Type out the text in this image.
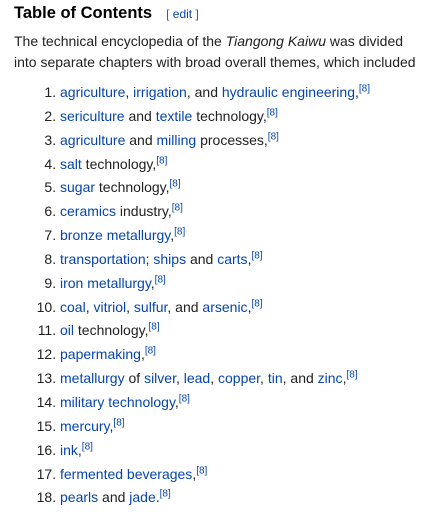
Table of Contents [ edit ]

The technical encyclopedia of the Tiangong Kaiwu was divided into separate chapters with broad overall themes, which included

1. agriculture, irrigation, and hydraulic engineering,[8]
2. sericulture and textile technology,[8]
3. agriculture and milling processes,[8]
4. salt technology,[8]
5. sugar technology,[8]
6. ceramics industry,[8]
7. bronze metallurgy,[8]
8. transportation; ships and carts,[8]
9. iron metallurgy,[8]
10. coal, vitriol, sulfur, and arsenic,[8]
11. oil technology,[8]
12. papermaking,[8]
13. metallurgy of silver, lead, copper, tin, and zinc,[8]
14. military technology,[8]
15. mercury,[8]
16. ink,[8]
17. fermented beverages,[8]
18. pearls and jade.[8]
